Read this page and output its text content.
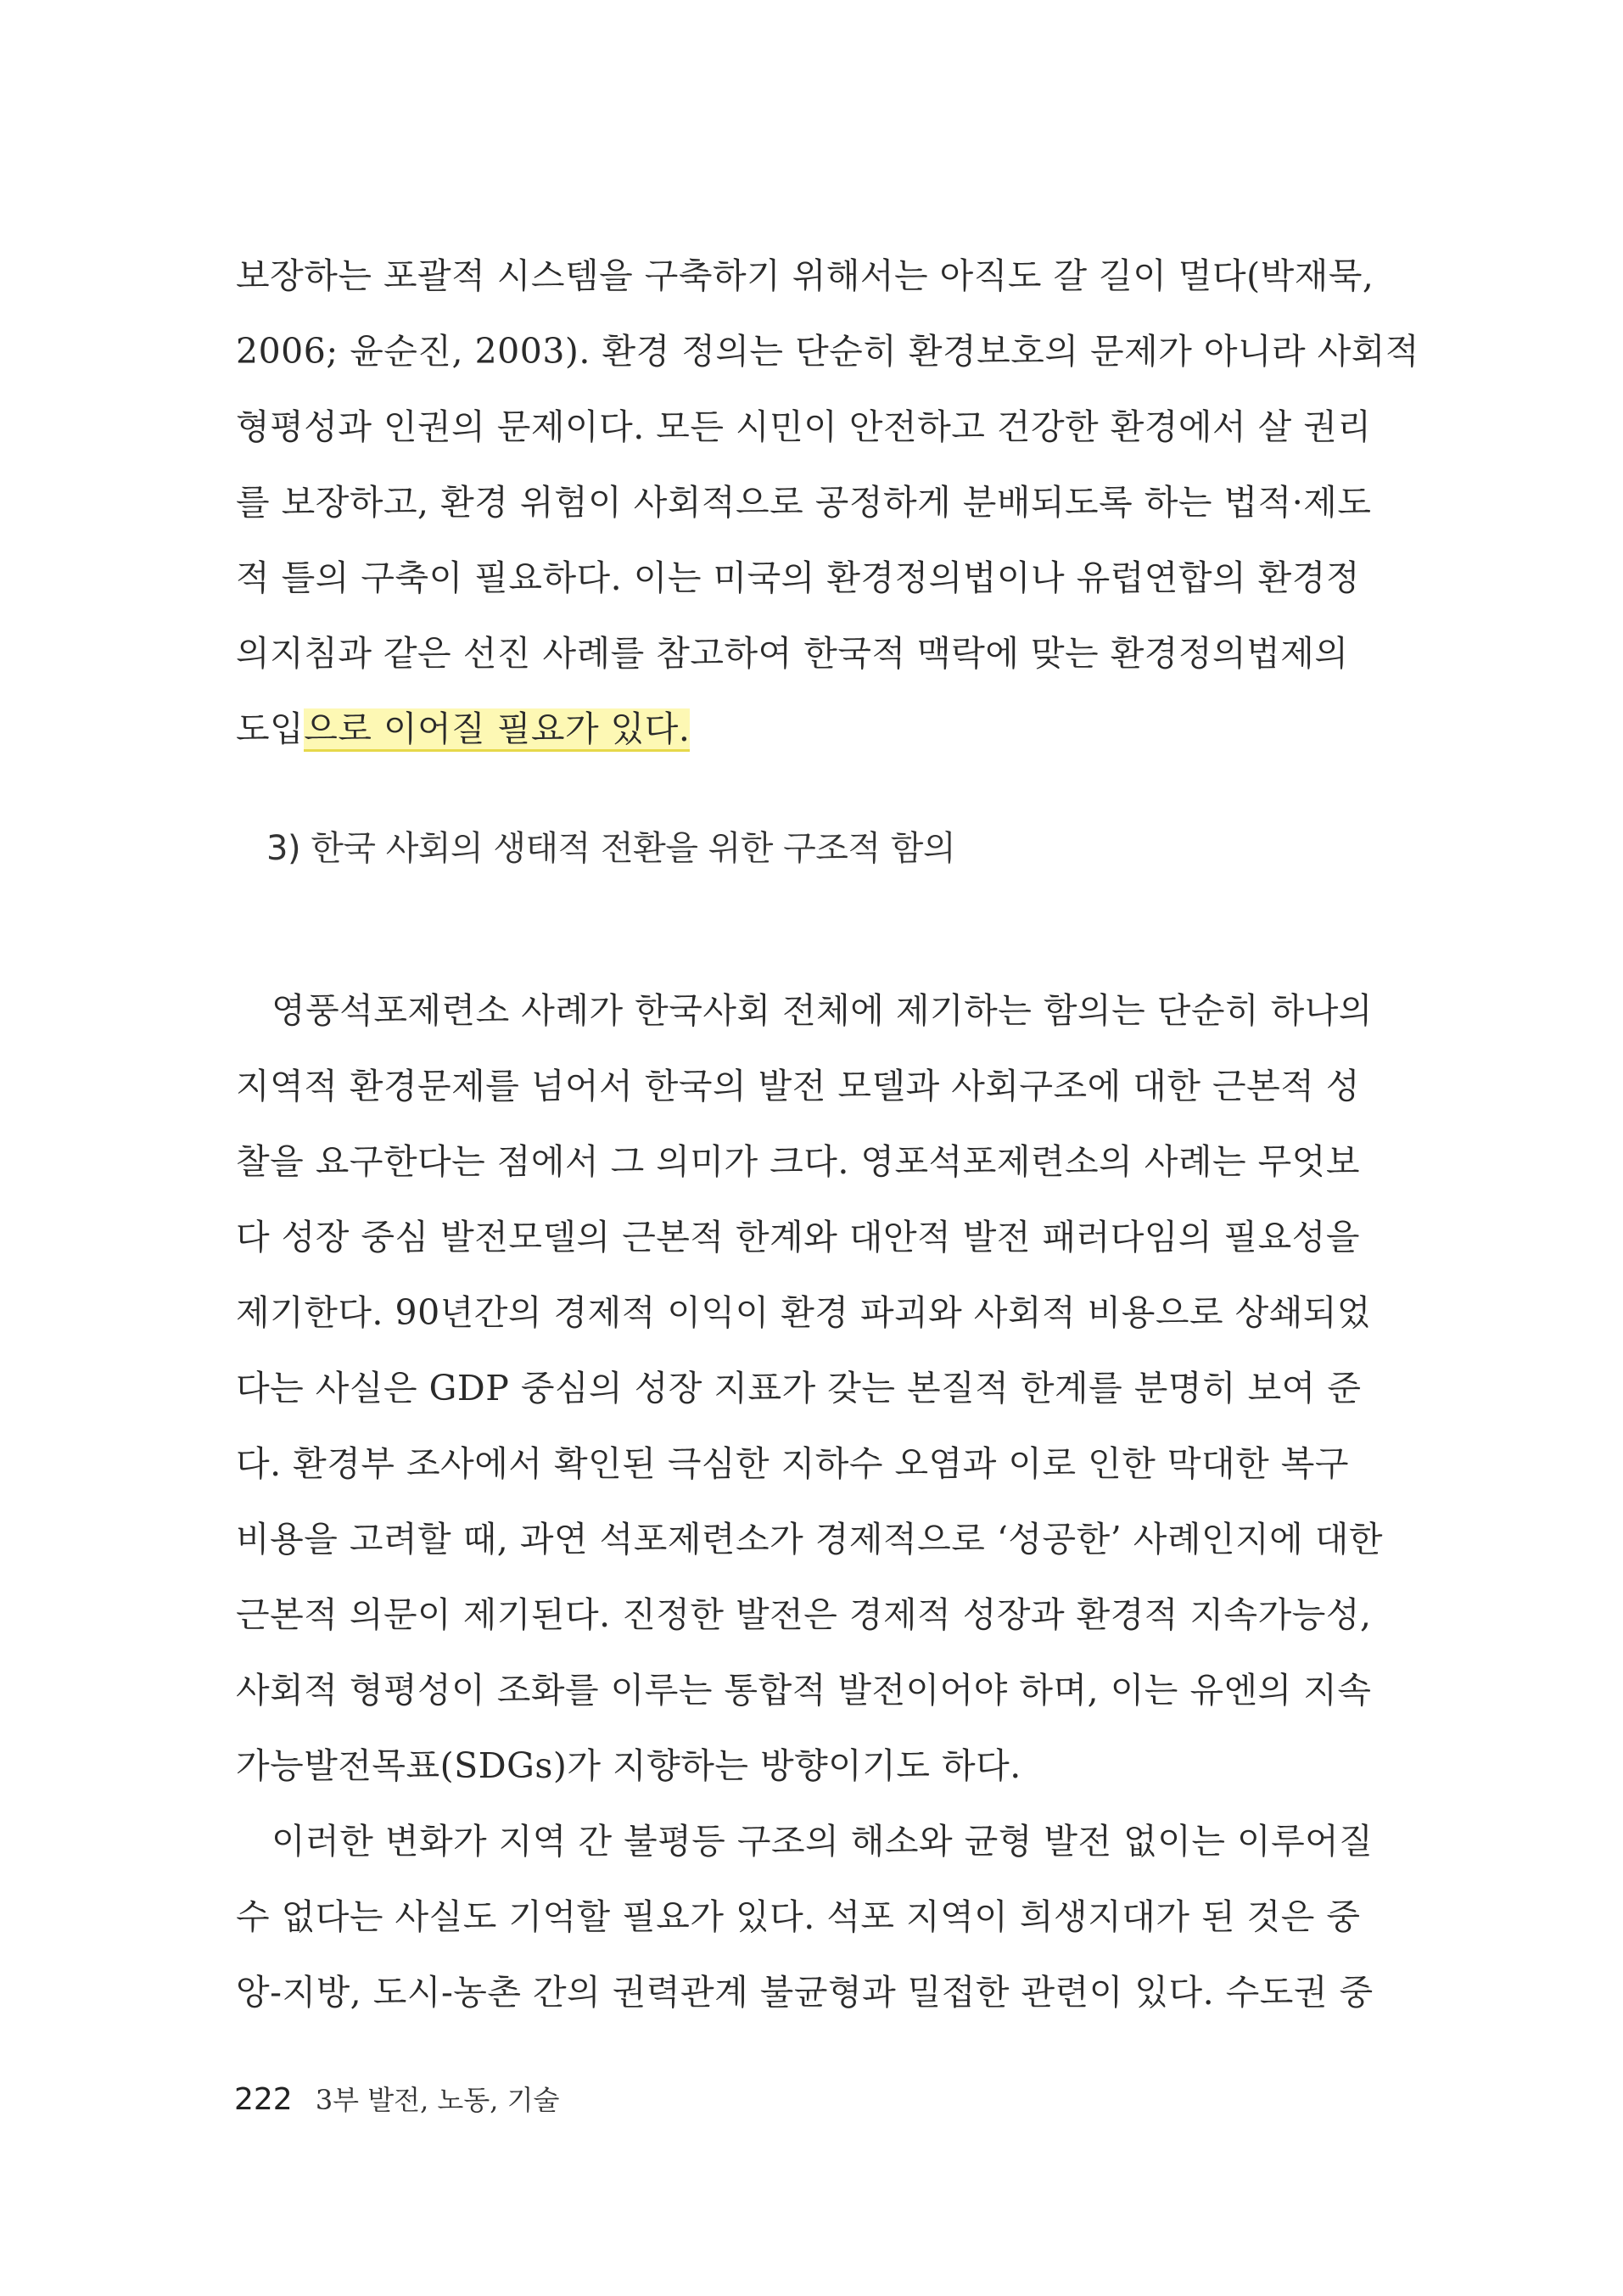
보장하는 포괄적 시스템을 구축하기 위해서는 아직도 갈 길이 멀다(박재묵,
2006; 윤순진, 2003). 환경 정의는 단순히 환경보호의 문제가 아니라 사회적
형평성과 인권의 문제이다. 모든 시민이 안전하고 건강한 환경에서 살 권리
를 보장하고, 환경 위험이 사회적으로 공정하게 분배되도록 하는 법적·제도
적 틀의 구축이 필요하다. 이는 미국의 환경정의법이나 유럽연합의 환경정
의지침과 같은 선진 사례를 참고하여 한국적 맥락에 맞는 환경정의법제의
도입으로 이어질 필요가 있다.
3) 한국 사회의 생태적 전환을 위한 구조적 함의
영풍석포제련소 사례가 한국사회 전체에 제기하는 함의는 단순히 하나의
지역적 환경문제를 넘어서 한국의 발전 모델과 사회구조에 대한 근본적 성
찰을 요구한다는 점에서 그 의미가 크다. 영포석포제련소의 사례는 무엇보
다 성장 중심 발전모델의 근본적 한계와 대안적 발전 패러다임의 필요성을
제기한다. 90년간의 경제적 이익이 환경 파괴와 사회적 비용으로 상쇄되었
다는 사실은 GDP 중심의 성장 지표가 갖는 본질적 한계를 분명히 보여 준
다. 환경부 조사에서 확인된 극심한 지하수 오염과 이로 인한 막대한 복구
비용을 고려할 때, 과연 석포제련소가 경제적으로 ‘성공한’ 사례인지에 대한
근본적 의문이 제기된다. 진정한 발전은 경제적 성장과 환경적 지속가능성,
사회적 형평성이 조화를 이루는 통합적 발전이어야 하며, 이는 유엔의 지속
가능발전목표(SDGs)가 지향하는 방향이기도 하다.
이러한 변화가 지역 간 불평등 구조의 해소와 균형 발전 없이는 이루어질
수 없다는 사실도 기억할 필요가 있다. 석포 지역이 희생지대가 된 것은 중
앙-지방, 도시-농촌 간의 권력관계 불균형과 밀접한 관련이 있다. 수도권 중
222 3부 발전, 노동, 기술
